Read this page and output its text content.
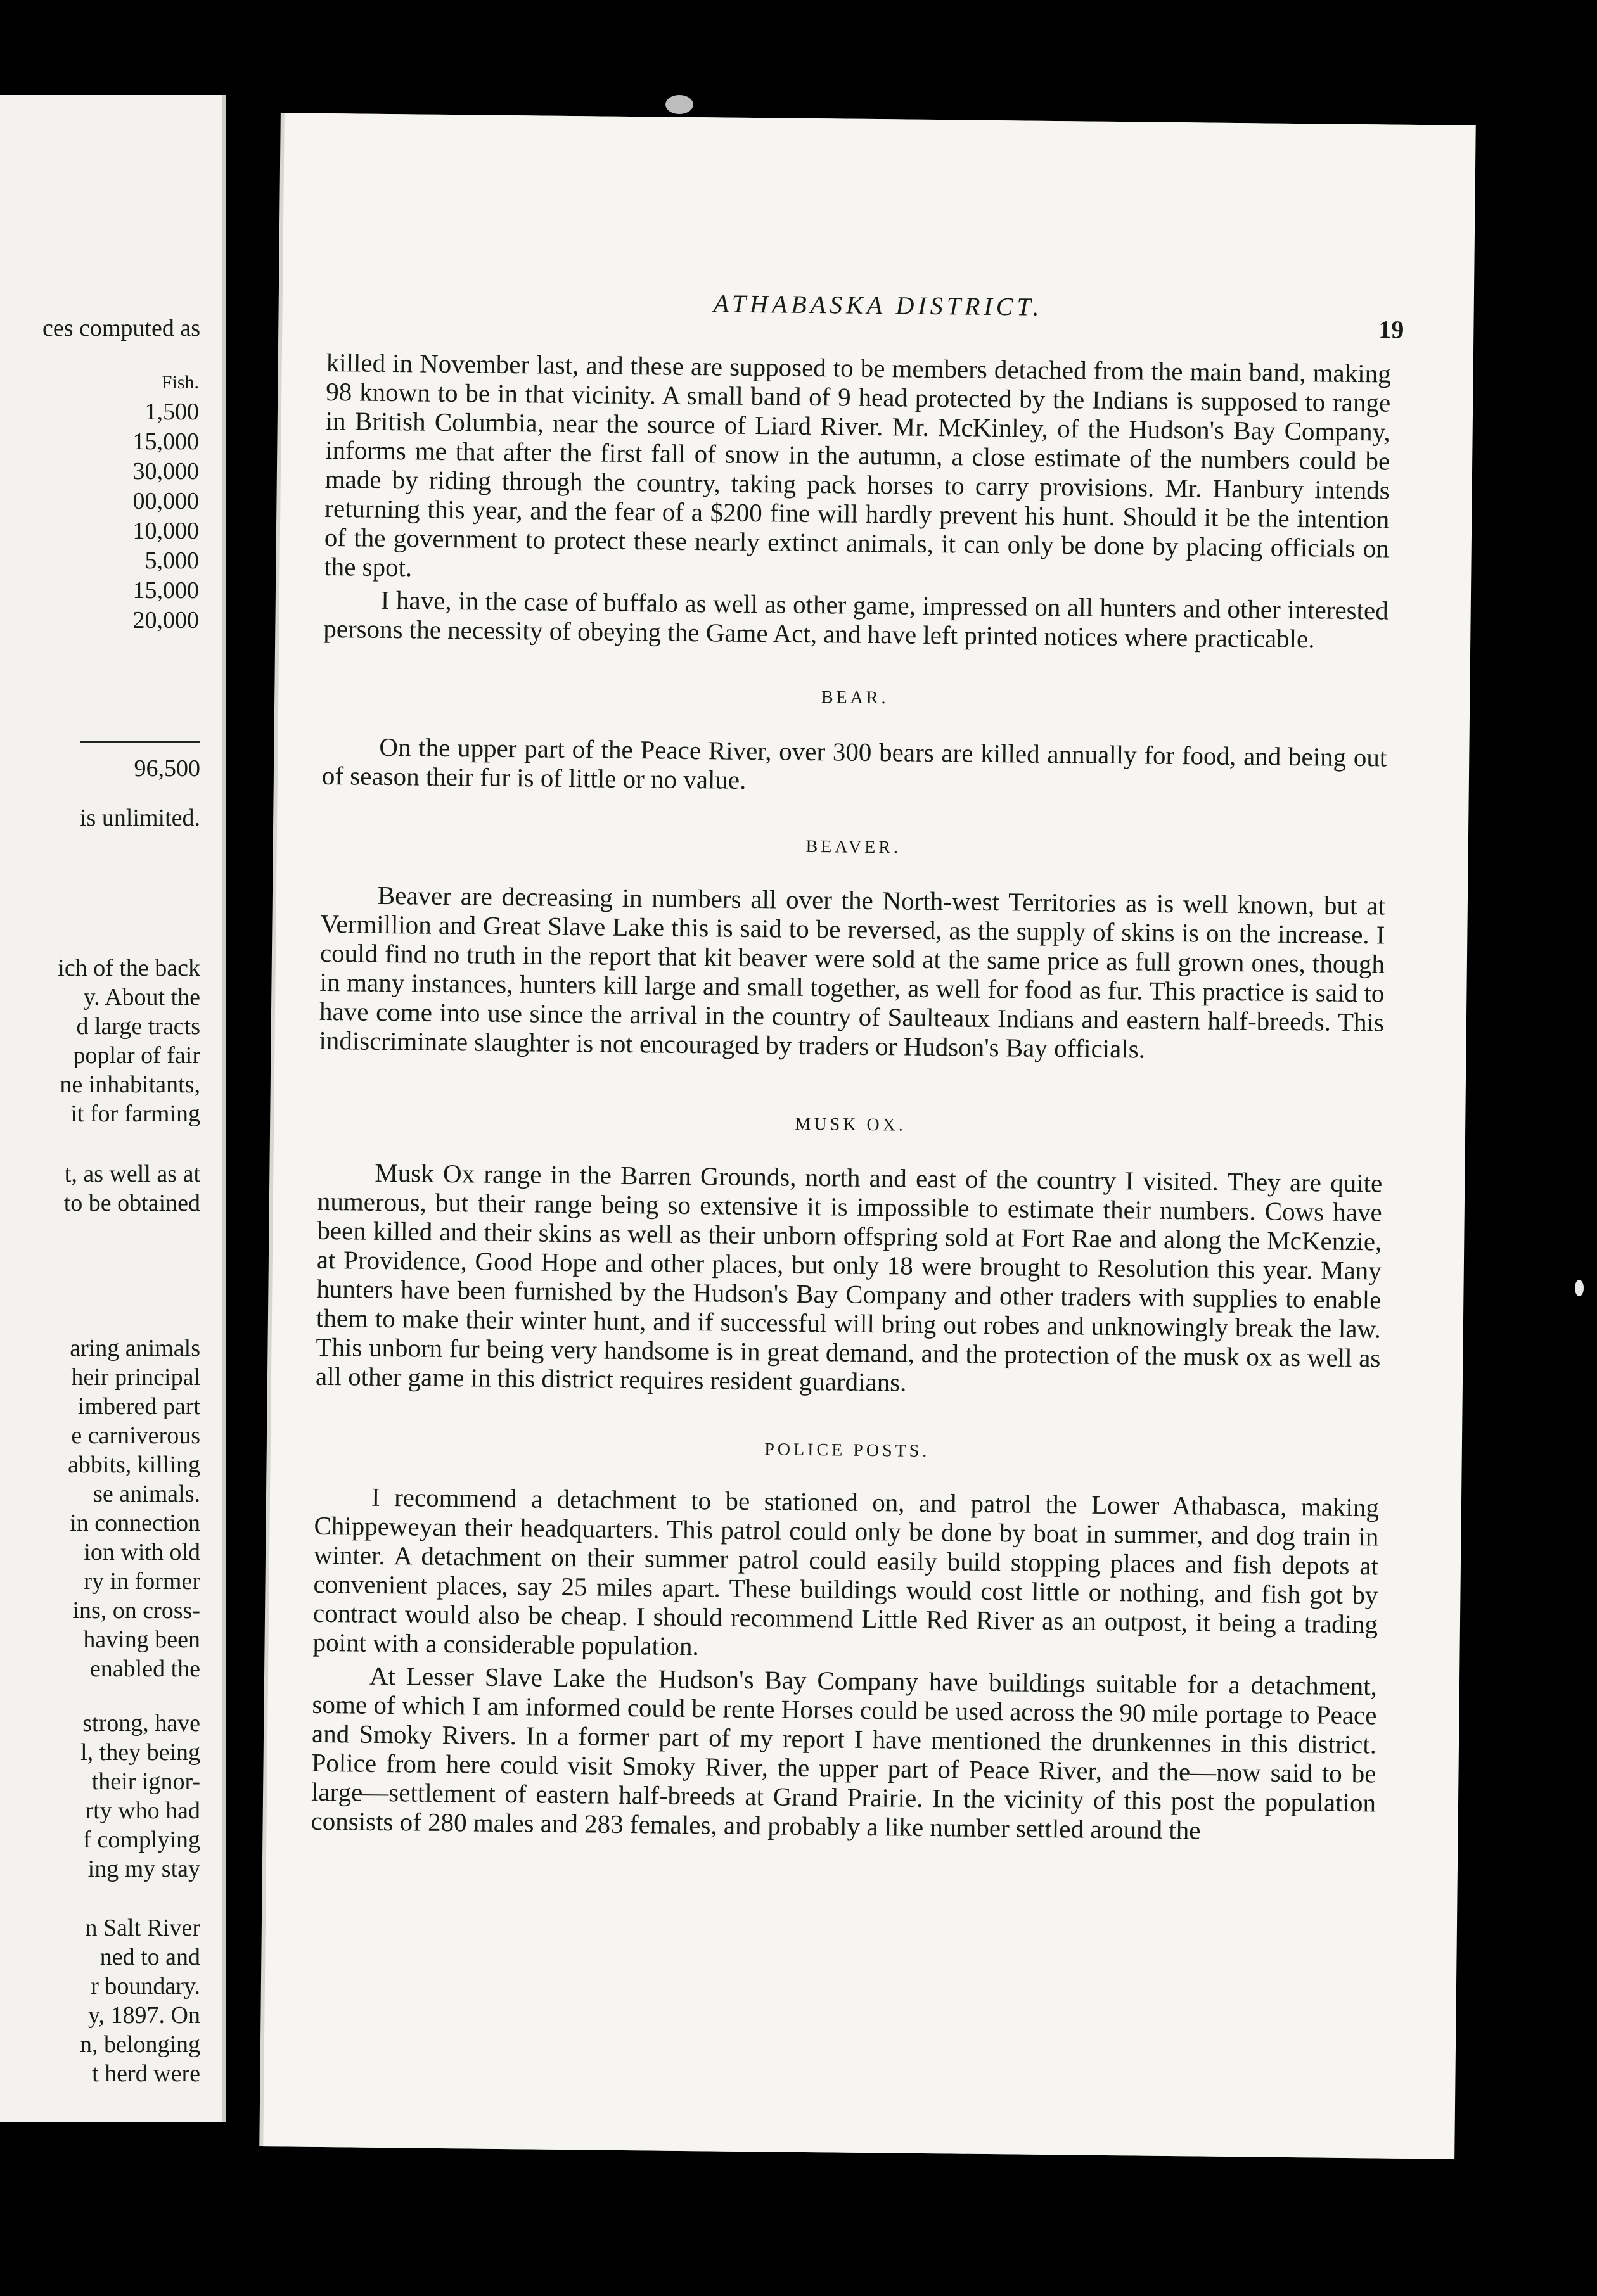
ces computed as
Fish.
1,500
15,000
30,000
00,000
10,000
5,000
15,000
20,000
96,500
is unlimited.
ich of the back
y. About the
d large tracts
poplar of fair
ne inhabitants,
it for farming
t, as well as at
to be obtained
aring animals
heir principal
imbered part
e carniverous
abbits, killing
se animals.
in connection
ion with old
ry in former
ins, on cross-
having been
enabled the
strong, have
l, they being
their ignor-
rty who had
f complying
ing my stay
n Salt River
ned to and
r boundary.
y, 1897. On
n, belonging
t herd were
ATHABASKA DISTRICT.
19

killed in November last, and these are supposed to be members detached from the main band, making 98 known to be in that vicinity. A small band of 9 head protected by the Indians is supposed to range in British Columbia, near the source of Liard River. Mr. McKinley, of the Hudson's Bay Company, informs me that after the first fall of snow in the autumn, a close estimate of the numbers could be made by riding through the country, taking pack horses to carry provisions. Mr. Hanbury intends returning this year, and the fear of a $200 fine will hardly prevent his hunt. Should it be the intention of the government to protect these nearly extinct animals, it can only be done by placing officials on the spot.

I have, in the case of buffalo as well as other game, impressed on all hunters and other interested persons the necessity of obeying the Game Act, and have left printed notices where practicable.

BEAR.

On the upper part of the Peace River, over 300 bears are killed annually for food, and being out of season their fur is of little or no value.

BEAVER.

Beaver are decreasing in numbers all over the North-west Territories as is well known, but at Vermillion and Great Slave Lake this is said to be reversed, as the supply of skins is on the increase. I could find no truth in the report that kit beaver were sold at the same price as full grown ones, though in many instances, hunters kill large and small together, as well for food as fur. This practice is said to have come into use since the arrival in the country of Saulteaux Indians and eastern half-breeds. This indiscriminate slaughter is not encouraged by traders or Hudson's Bay officials.

MUSK OX.

Musk Ox range in the Barren Grounds, north and east of the country I visited. They are quite numerous, but their range being so extensive it is impossible to estimate their numbers. Cows have been killed and their skins as well as their unborn offspring sold at Fort Rae and along the McKenzie, at Providence, Good Hope and other places, but only 18 were brought to Resolution this year. Many hunters have been furnished by the Hudson's Bay Company and other traders with supplies to enable them to make their winter hunt, and if successful will bring out robes and unknowingly break the law. This unborn fur being very handsome is in great demand, and the protection of the musk ox as well as all other game in this district requires resident guardians.

POLICE POSTS.

I recommend a detachment to be stationed on, and patrol the Lower Athabasca, making Chippeweyan their headquarters. This patrol could only be done by boat in summer, and dog train in winter. A detachment on their summer patrol could easily build stopping places and fish depots at convenient places, say 25 miles apart. These buildings would cost little or nothing, and fish got by contract would also be cheap. I should recommend Little Red River as an outpost, it being a trading point with a considerable population.

At Lesser Slave Lake the Hudson's Bay Company have buildings suitable for a detachment, some of which I am informed could be rente Horses could be used across the 90 mile portage to Peace and Smoky Rivers. In a former part of my report I have mentioned the drunkennes in this district. Police from here could visit Smoky River, the upper part of Peace River, and the—now said to be large—settlement of eastern half-breeds at Grand Prairie. In the vicinity of this post the population consists of 280 males and 283 females, and probably a like number settled around the
